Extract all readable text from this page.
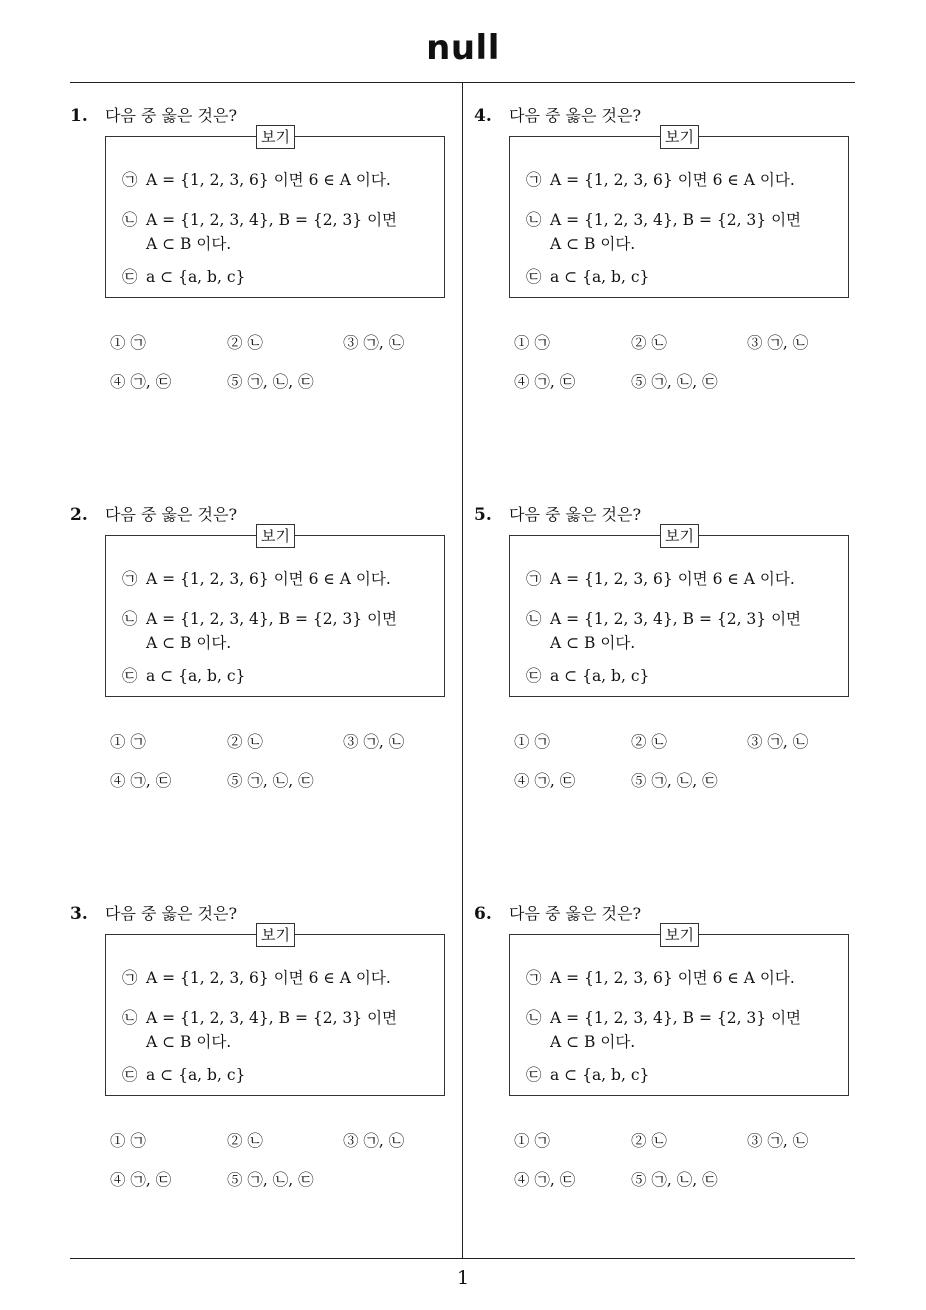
null
1
1. 다음 중 옳은 것은?
보기
㉠ A = {1, 2, 3, 6} 이면 6 ∈ A 이다.
㉡ A = {1, 2, 3, 4}, B = {2, 3} 이면
A ⊂ B 이다.
㉢ a ⊂ {a, b, c}
① ㉠	② ㉡	③ ㉠, ㉡
④ ㉠, ㉢	⑤ ㉠, ㉡, ㉢
2. 다음 중 옳은 것은?
보기
㉠ A = {1, 2, 3, 6} 이면 6 ∈ A 이다.
㉡ A = {1, 2, 3, 4}, B = {2, 3} 이면
A ⊂ B 이다.
㉢ a ⊂ {a, b, c}
① ㉠	② ㉡	③ ㉠, ㉡
④ ㉠, ㉢	⑤ ㉠, ㉡, ㉢
3. 다음 중 옳은 것은?
보기
㉠ A = {1, 2, 3, 6} 이면 6 ∈ A 이다.
㉡ A = {1, 2, 3, 4}, B = {2, 3} 이면
A ⊂ B 이다.
㉢ a ⊂ {a, b, c}
① ㉠	② ㉡	③ ㉠, ㉡
④ ㉠, ㉢	⑤ ㉠, ㉡, ㉢
4. 다음 중 옳은 것은?
보기
㉠ A = {1, 2, 3, 6} 이면 6 ∈ A 이다.
㉡ A = {1, 2, 3, 4}, B = {2, 3} 이면
A ⊂ B 이다.
㉢ a ⊂ {a, b, c}
① ㉠	② ㉡	③ ㉠, ㉡
④ ㉠, ㉢	⑤ ㉠, ㉡, ㉢
5. 다음 중 옳은 것은?
보기
㉠ A = {1, 2, 3, 6} 이면 6 ∈ A 이다.
㉡ A = {1, 2, 3, 4}, B = {2, 3} 이면
A ⊂ B 이다.
㉢ a ⊂ {a, b, c}
① ㉠	② ㉡	③ ㉠, ㉡
④ ㉠, ㉢	⑤ ㉠, ㉡, ㉢
6. 다음 중 옳은 것은?
보기
㉠ A = {1, 2, 3, 6} 이면 6 ∈ A 이다.
㉡ A = {1, 2, 3, 4}, B = {2, 3} 이면
A ⊂ B 이다.
㉢ a ⊂ {a, b, c}
① ㉠	② ㉡	③ ㉠, ㉡
④ ㉠, ㉢	⑤ ㉠, ㉡, ㉢
